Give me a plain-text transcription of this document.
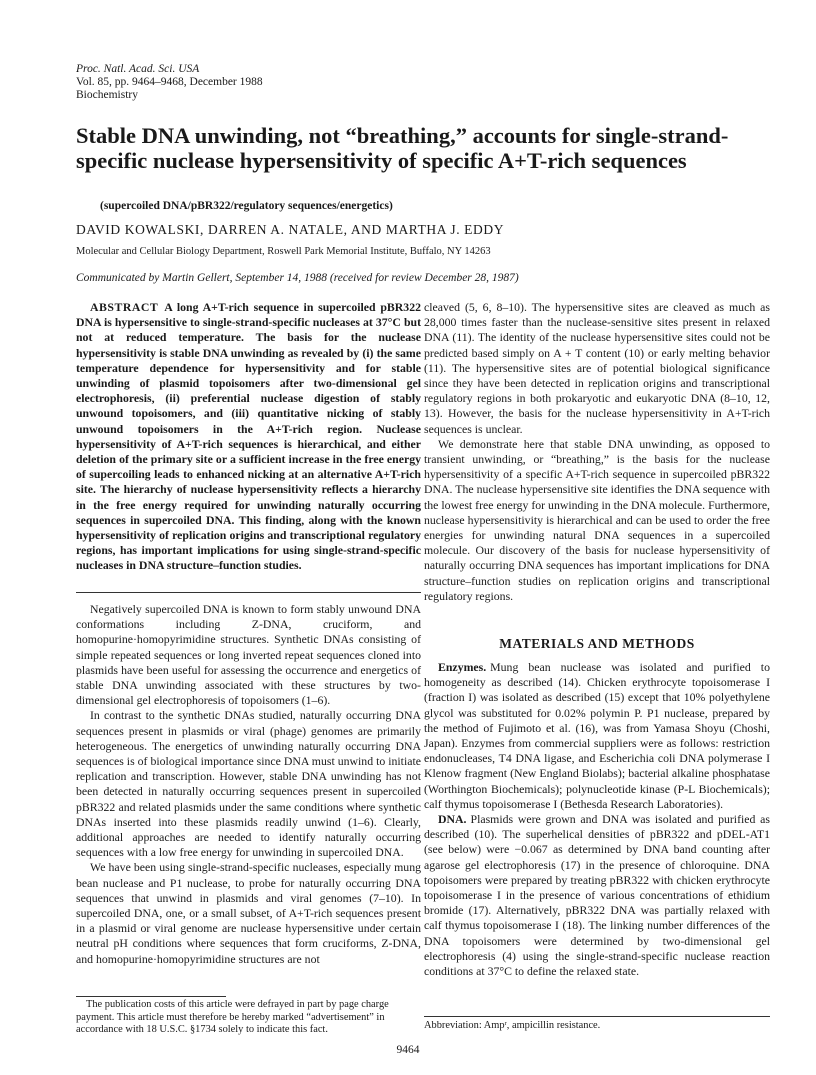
Proc. Natl. Acad. Sci. USA
Vol. 85, pp. 9464–9468, December 1988
Biochemistry
Stable DNA unwinding, not “breathing,” accounts for single-strand-specific nuclease hypersensitivity of specific A+T-rich sequences
(supercoiled DNA/pBR322/regulatory sequences/energetics)
DAVID KOWALSKI, DARREN A. NATALE, AND MARTHA J. EDDY
Molecular and Cellular Biology Department, Roswell Park Memorial Institute, Buffalo, NY 14263
Communicated by Martin Gellert, September 14, 1988 (received for review December 28, 1987)

ABSTRACT A long A+T-rich sequence in supercoiled pBR322 DNA is hypersensitive to single-strand-specific nucleases at 37°C but not at reduced temperature. The basis for the nuclease hypersensitivity is stable DNA unwinding as revealed by (i) the same temperature dependence for hypersensitivity and for stable unwinding of plasmid topoisomers after two-dimensional gel electrophoresis, (ii) preferential nuclease digestion of stably unwound topoisomers, and (iii) quantitative nicking of stably unwound topoisomers in the A+T-rich region. Nuclease hypersensitivity of A+T-rich sequences is hierarchical, and either deletion of the primary site or a sufficient increase in the free energy of supercoiling leads to enhanced nicking at an alternative A+T-rich site. The hierarchy of nuclease hypersensitivity reflects a hierarchy in the free energy required for unwinding naturally occurring sequences in supercoiled DNA. This finding, along with the known hypersensitivity of replication origins and transcriptional regulatory regions, has important implications for using single-strand-specific nucleases in DNA structure–function studies.

Negatively supercoiled DNA is known to form stably unwound DNA conformations including Z-DNA, cruciform, and homopurine·homopyrimidine structures. Synthetic DNAs consisting of simple repeated sequences or long inverted repeat sequences cloned into plasmids have been useful for assessing the occurrence and energetics of stable DNA unwinding associated with these structures by two-dimensional gel electrophoresis of topoisomers (1–6).

In contrast to the synthetic DNAs studied, naturally occurring DNA sequences present in plasmids or viral (phage) genomes are primarily heterogeneous. The energetics of unwinding naturally occurring DNA sequences is of biological importance since DNA must unwind to initiate replication and transcription. However, stable DNA unwinding has not been detected in naturally occurring sequences present in supercoiled pBR322 and related plasmids under the same conditions where synthetic DNAs inserted into these plasmids readily unwind (1–6). Clearly, additional approaches are needed to identify naturally occurring sequences with a low free energy for unwinding in supercoiled DNA.

We have been using single-strand-specific nucleases, especially mung bean nuclease and P1 nuclease, to probe for naturally occurring DNA sequences that unwind in plasmids and viral genomes (7–10). In supercoiled DNA, one, or a small subset, of A+T-rich sequences present in a plasmid or viral genome are nuclease hypersensitive under certain neutral pH conditions where sequences that form cruciforms, Z-DNA, and homopurine·homopyrimidine structures are not

cleaved (5, 6, 8–10). The hypersensitive sites are cleaved as much as 28,000 times faster than the nuclease-sensitive sites present in relaxed DNA (11). The identity of the nuclease hypersensitive sites could not be predicted based simply on A + T content (10) or early melting behavior (11). The hypersensitive sites are of potential biological significance since they have been detected in replication origins and transcriptional regulatory regions in both prokaryotic and eukaryotic DNA (8–10, 12, 13). However, the basis for the nuclease hypersensitivity in A+T-rich sequences is unclear.

We demonstrate here that stable DNA unwinding, as opposed to transient unwinding, or “breathing,” is the basis for the nuclease hypersensitivity of a specific A+T-rich sequence in supercoiled pBR322 DNA. The nuclease hypersensitive site identifies the DNA sequence with the lowest free energy for unwinding in the DNA molecule. Furthermore, nuclease hypersensitivity is hierarchical and can be used to order the free energies for unwinding natural DNA sequences in a supercoiled molecule. Our discovery of the basis for nuclease hypersensitivity of naturally occurring DNA sequences has important implications for DNA structure–function studies on replication origins and transcriptional regulatory regions.

MATERIALS AND METHODS

Enzymes. Mung bean nuclease was isolated and purified to homogeneity as described (14). Chicken erythrocyte topoisomerase I (fraction I) was isolated as described (15) except that 10% polyethylene glycol was substituted for 0.02% polymin P. P1 nuclease, prepared by the method of Fujimoto et al. (16), was from Yamasa Shoyu (Choshi, Japan). Enzymes from commercial suppliers were as follows: restriction endonucleases, T4 DNA ligase, and Escherichia coli DNA polymerase I Klenow fragment (New England Biolabs); bacterial alkaline phosphatase (Worthington Biochemicals); polynucleotide kinase (P-L Biochemicals); calf thymus topoisomerase I (Bethesda Research Laboratories).

DNA. Plasmids were grown and DNA was isolated and purified as described (10). The superhelical densities of pBR322 and pDEL-AT1 (see below) were −0.067 as determined by DNA band counting after agarose gel electrophoresis (17) in the presence of chloroquine. DNA topoisomers were prepared by treating pBR322 with chicken erythrocyte topoisomerase I in the presence of various concentrations of ethidium bromide (17). Alternatively, pBR322 DNA was partially relaxed with calf thymus topoisomerase I (18). The linking number differences of the DNA topoisomers were determined by two-dimensional gel electrophoresis (4) using the single-strand-specific nuclease reaction conditions at 37°C to define the relaxed state.

The publication costs of this article were defrayed in part by page charge payment. This article must therefore be hereby marked “advertisement” in accordance with 18 U.S.C. §1734 solely to indicate this fact.	Abbreviation: Ampʳ, ampicillin resistance.
9464
